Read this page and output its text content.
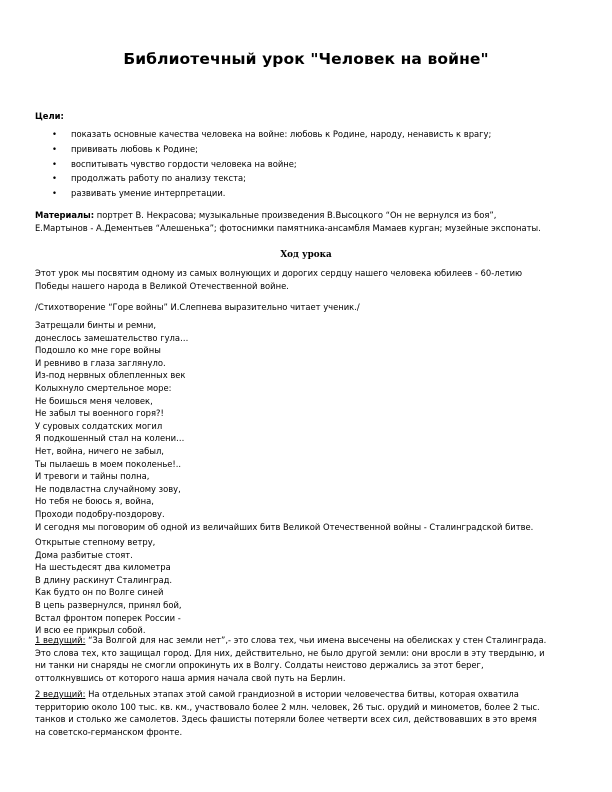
Библиотечный урок "Человек на войне"
Цели:
• показать основные качества человека на войне: любовь к Родине, народу, ненависть к врагу;
• прививать любовь к Родине;
• воспитывать чувство гордости человека на войне;
• продолжать работу по анализу текста;
• развивать умение интерпретации.
Материалы: портрет В. Некрасова; музыкальные произведения В.Высоцкого “Он не вернулся из боя”,
Е.Мартынов - А.Дементьев “Алешенька”; фотоснимки памятника-ансамбля Мамаев курган; музейные экспонаты.
Ход урока
Этот урок мы посвятим одному из самых волнующих и дорогих сердцу нашего человека юбилеев - 60-летию
Победы нашего народа в Великой Отечественной войне.
/Стихотворение “Горе войны” И.Слепнева выразительно читает ученик./
Затрещали бинты и ремни,
донеслось замешательство гула…
Подошло ко мне горе войны
И ревниво в глаза заглянуло.
Из-под нервных облепленных век
Колыхнуло смертельное море:
Не боишься меня человек,
Не забыл ты военного горя?!
У суровых солдатских могил
Я подкошенный стал на колени…
Нет, война, ничего не забыл,
Ты пылаешь в моем поколенье!..
И тревоги и тайны полна,
Не подвластна случайному зову,
Но тебя не боюсь я, война,
Проходи подобру-поздорову.
И сегодня мы поговорим об одной из величайших битв Великой Отечественной войны - Сталинградской битве.
Открытые степному ветру,
Дома разбитые стоят.
На шестьдесят два километра
В длину раскинут Сталинград.
Как будто он по Волге синей
В цепь развернулся, принял бой,
Встал фронтом поперек России -
И всю ее прикрыл собой.
1 ведущий: “За Волгой для нас земли нет”,- это слова тех, чьи имена высечены на обелисках у стен Сталинграда.
Это слова тех, кто защищал город. Для них, действительно, не было другой земли: они вросли в эту твердыню, и
ни танки ни снаряды не смогли опрокинуть их в Волгу. Солдаты неистово держались за этот берег,
оттолкнувшись от которого наша армия начала свой путь на Берлин.
2 ведущий: На отдельных этапах этой самой грандиозной в истории человечества битвы, которая охватила
территорию около 100 тыс. кв. км., участвовало более 2 млн. человек, 26 тыс. орудий и минометов, более 2 тыс.
танков и столько же самолетов. Здесь фашисты потеряли более четверти всех сил, действовавших в это время
на советско-германском фронте.
